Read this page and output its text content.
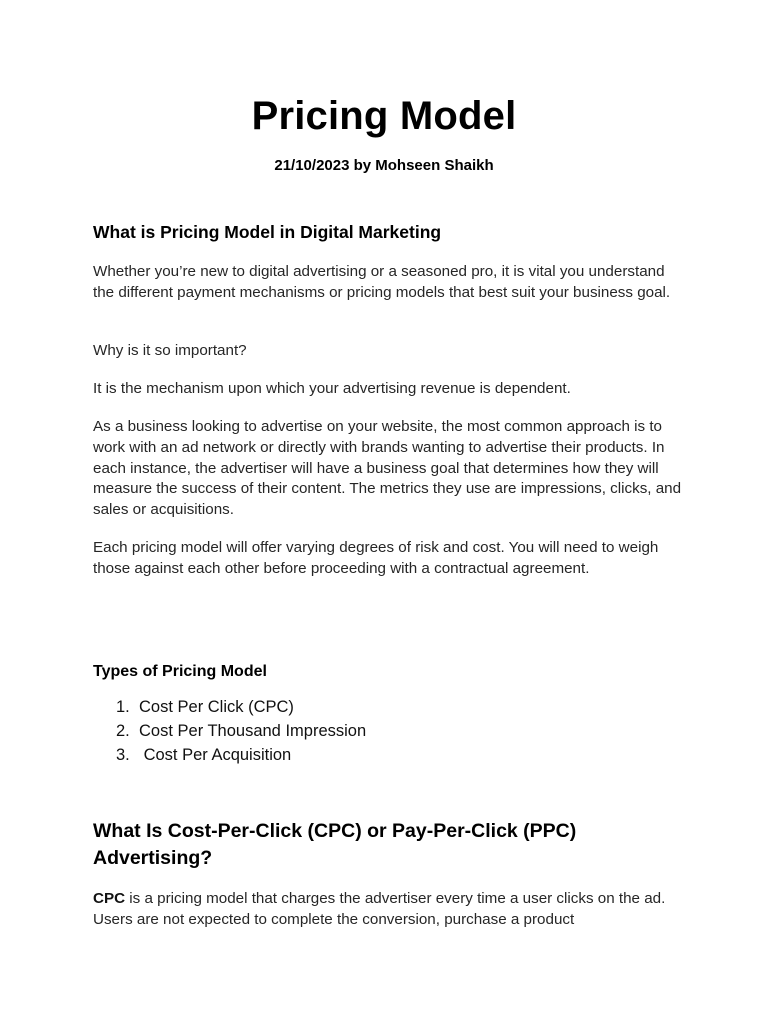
Pricing Model
21/10/2023 by Mohseen Shaikh
What is Pricing Model in Digital Marketing

Whether you’re new to digital advertising or a seasoned pro, it is vital you understand the different payment mechanisms or pricing models that best suit your business goal.

Why is it so important?

It is the mechanism upon which your advertising revenue is dependent.

As a business looking to advertise on your website, the most common approach is to work with an ad network or directly with brands wanting to advertise their products. In each instance, the advertiser will have a business goal that determines how they will measure the success of their content. The metrics they use are impressions, clicks, and sales or acquisitions.

Each pricing model will offer varying degrees of risk and cost. You will need to weigh those against each other before proceeding with a contractual agreement.

Types of Pricing Model
1. Cost Per Click (CPC)
2. Cost Per Thousand Impression
3. Cost Per Acquisition
What Is Cost-Per-Click (CPC) or Pay-Per-Click (PPC) Advertising?

CPC is a pricing model that charges the advertiser every time a user clicks on the ad. Users are not expected to complete the conversion, purchase a product
